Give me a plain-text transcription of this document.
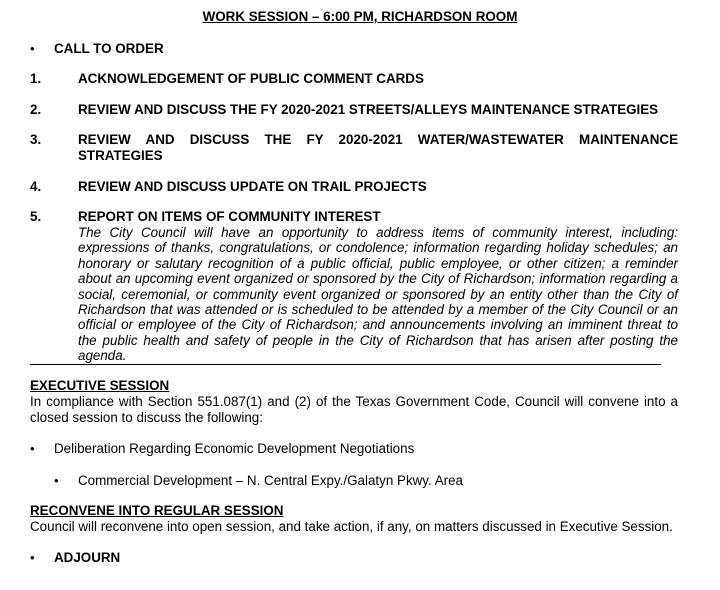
WORK SESSION – 6:00 PM, RICHARDSON ROOM
• CALL TO ORDER
1.	ACKNOWLEDGEMENT OF PUBLIC COMMENT CARDS
2.	REVIEW AND DISCUSS THE FY 2020-2021 STREETS/ALLEYS MAINTENANCE STRATEGIES
3.	REVIEW AND DISCUSS THE FY 2020-2021 WATER/WASTEWATER MAINTENANCE
STRATEGIES
4.	REVIEW AND DISCUSS UPDATE ON TRAIL PROJECTS
5.	REPORT ON ITEMS OF COMMUNITY INTEREST
The City Council will have an opportunity to address items of community interest, including: expressions of thanks, congratulations, or condolence; information regarding holiday schedules; an honorary or salutary recognition of a public official, public employee, or other citizen; a reminder about an upcoming event organized or sponsored by the City of Richardson; information regarding a social, ceremonial, or community event organized or sponsored by an entity other than the City of Richardson that was attended or is scheduled to be attended by a member of the City Council or an official or employee of the City of Richardson; and announcements involving an imminent threat to the public health and safety of people in the City of Richardson that has arisen after posting the agenda.
EXECUTIVE SESSION
In compliance with Section 551.087(1) and (2) of the Texas Government Code, Council will convene into a closed session to discuss the following:
• Deliberation Regarding Economic Development Negotiations
• Commercial Development – N. Central Expy./Galatyn Pkwy. Area
RECONVENE INTO REGULAR SESSION
Council will reconvene into open session, and take action, if any, on matters discussed in Executive Session.
• ADJOURN
